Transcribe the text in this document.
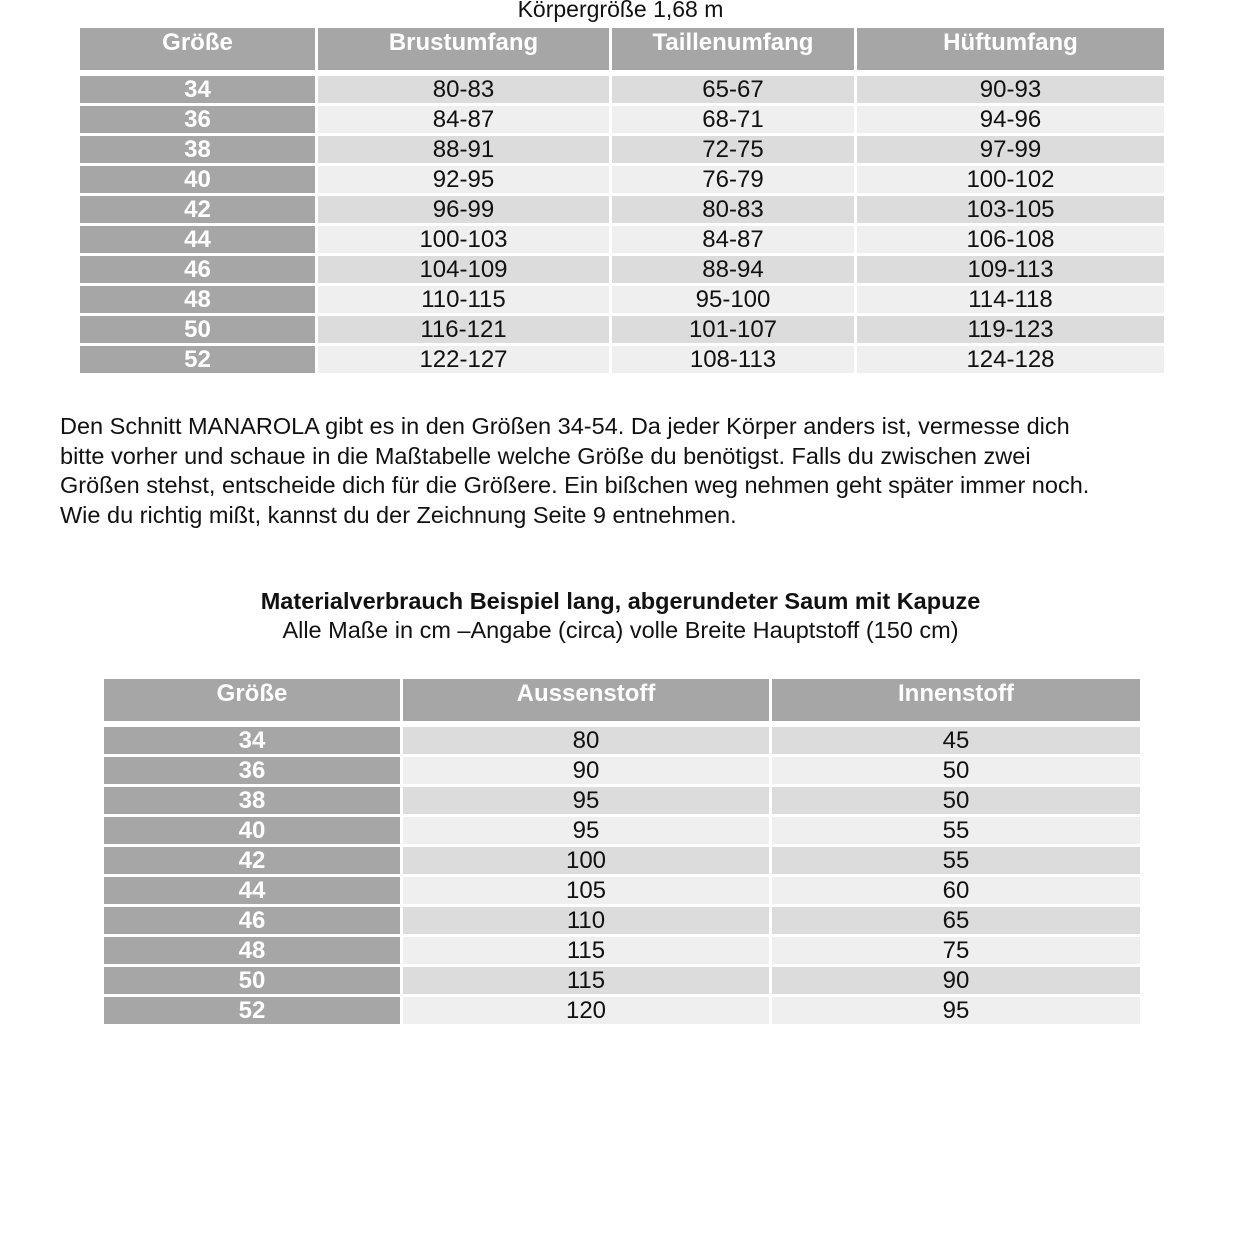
Körpergröße 1,68 m
Größe	Brustumfang	Taillenumfang	Hüftumfang

34	80-83	65-67	90-93
36	84-87	68-71	94-96
38	88-91	72-75	97-99
40	92-95	76-79	100-102
42	96-99	80-83	103-105
44	100-103	84-87	106-108
46	104-109	88-94	109-113
48	110-115	95-100	114-118
50	116-121	101-107	119-123
52	122-127	108-113	124-128
Den Schnitt MANAROLA gibt es in den Größen 34-54. Da jeder Körper anders ist, vermesse dich
bitte vorher und schaue in die Maßtabelle welche Größe du benötigst. Falls du zwischen zwei
Größen stehst, entscheide dich für die Größere. Ein bißchen weg nehmen geht später immer noch.
Wie du richtig mißt, kannst du der Zeichnung Seite 9 entnehmen.
Materialverbrauch Beispiel lang, abgerundeter Saum mit Kapuze
Alle Maße in cm –Angabe (circa) volle Breite Hauptstoff (150 cm)
Größe	Aussenstoff	Innenstoff

34	80	45
36	90	50
38	95	50
40	95	55
42	100	55
44	105	60
46	110	65
48	115	75
50	115	90
52	120	95
